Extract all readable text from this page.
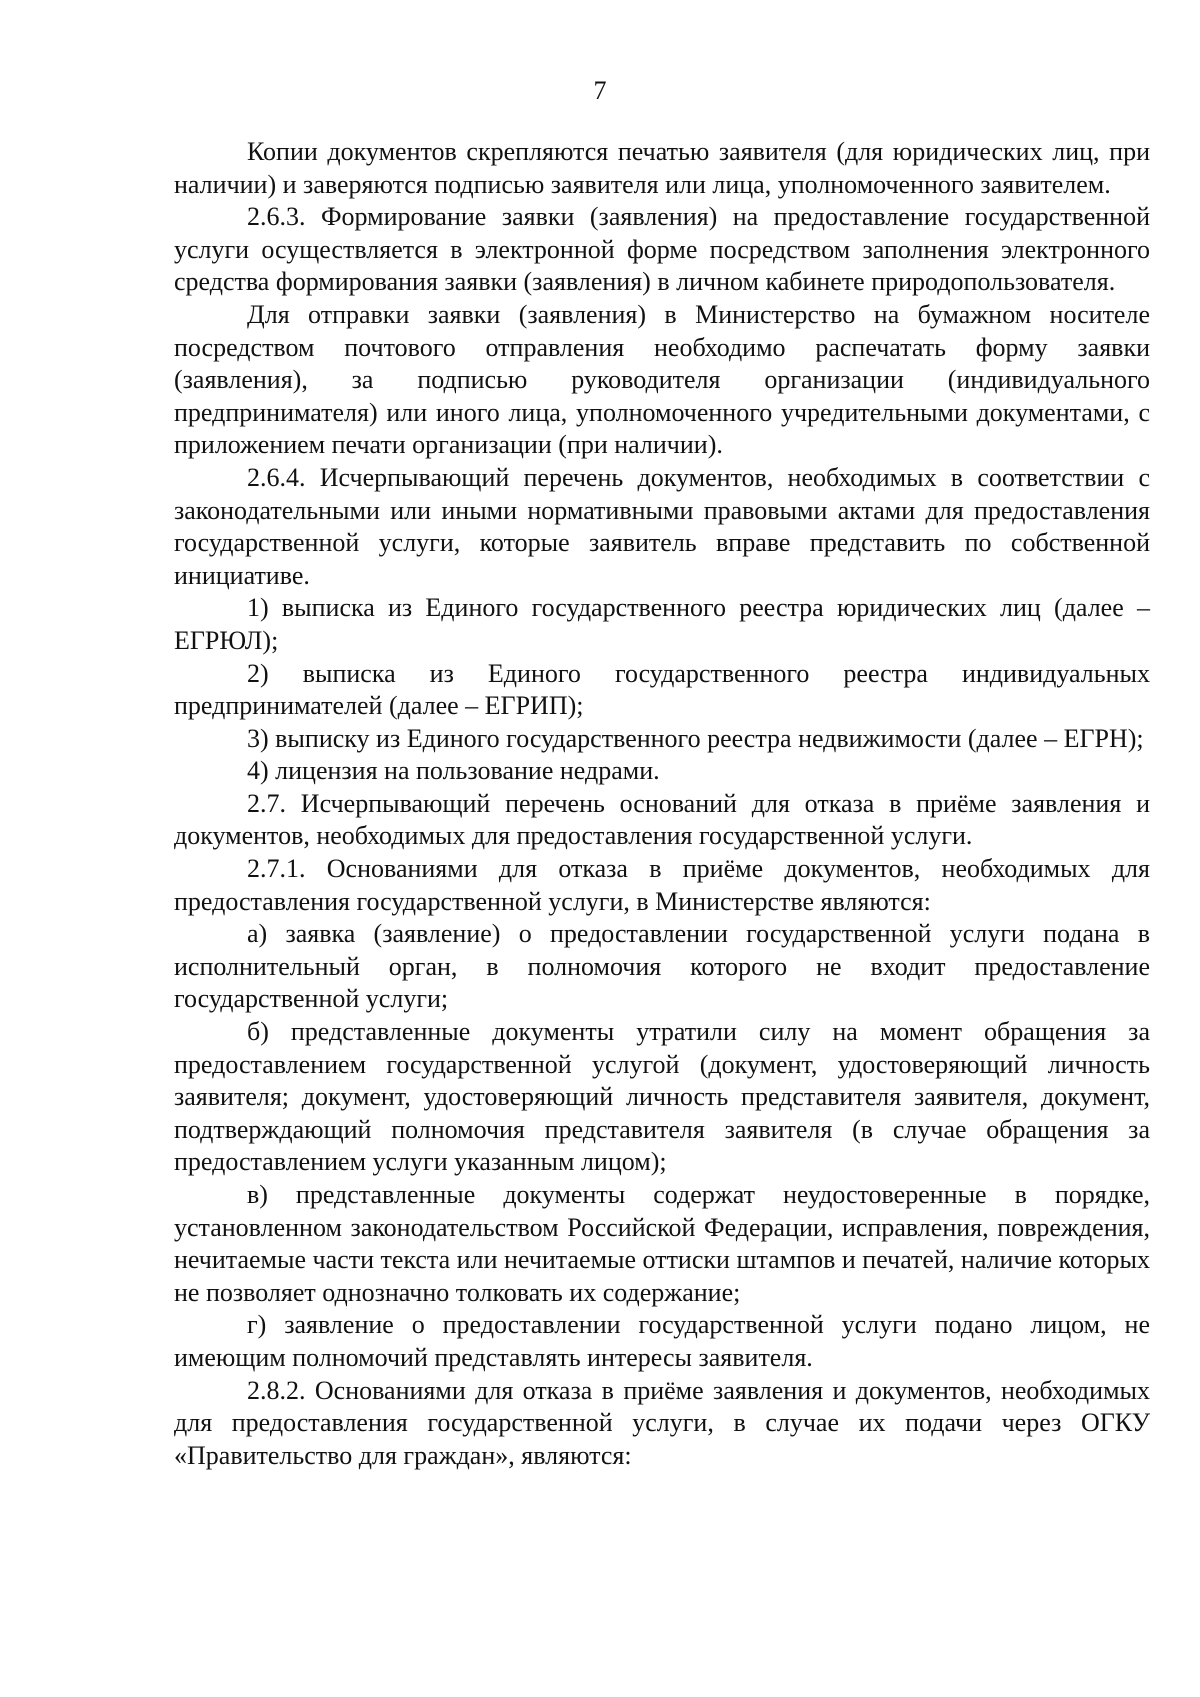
7

Копии документов скрепляются печатью заявителя (для юридических лиц, при наличии) и заверяются подписью заявителя или лица, уполномоченного заявителем.

2.6.3. Формирование заявки (заявления) на предоставление государственной услуги осуществляется в электронной форме посредством заполнения электронного средства формирования заявки (заявления) в личном кабинете природопользователя.

Для отправки заявки (заявления) в Министерство на бумажном носителе посредством почтового отправления необходимо распечатать форму заявки (заявления), за подписью руководителя организации (индивидуального предпринимателя) или иного лица, уполномоченного учредительными документами, с приложением печати организации (при наличии).

2.6.4. Исчерпывающий перечень документов, необходимых в соответствии с законодательными или иными нормативными правовыми актами для предоставления государственной услуги, которые заявитель вправе представить по собственной инициативе.

1) выписка из Единого государственного реестра юридических лиц (далее – ЕГРЮЛ);

2) выписка из Единого государственного реестра индивидуальных предпринимателей (далее – ЕГРИП);

3) выписку из Единого государственного реестра недвижимости (далее – ЕГРН);

4) лицензия на пользование недрами.

2.7. Исчерпывающий перечень оснований для отказа в приёме заявления и документов, необходимых для предоставления государственной услуги.

2.7.1. Основаниями для отказа в приёме документов, необходимых для предоставления государственной услуги, в Министерстве являются:

а) заявка (заявление) о предоставлении государственной услуги подана в исполнительный орган, в полномочия которого не входит предоставление государственной услуги;

б) представленные документы утратили силу на момент обращения за предоставлением государственной услугой (документ, удостоверяющий личность заявителя; документ, удостоверяющий личность представителя заявителя, документ, подтверждающий полномочия представителя заявителя (в случае обращения за предоставлением услуги указанным лицом);

в) представленные документы содержат неудостоверенные в порядке, установленном законодательством Российской Федерации, исправления, повреждения, нечитаемые части текста или нечитаемые оттиски штампов и печатей, наличие которых не позволяет однозначно толковать их содержание;

г) заявление о предоставлении государственной услуги подано лицом, не имеющим полномочий представлять интересы заявителя.

2.8.2. Основаниями для отказа в приёме заявления и документов, необходимых для предоставления государственной услуги, в случае их подачи через ОГКУ «Правительство для граждан», являются:
